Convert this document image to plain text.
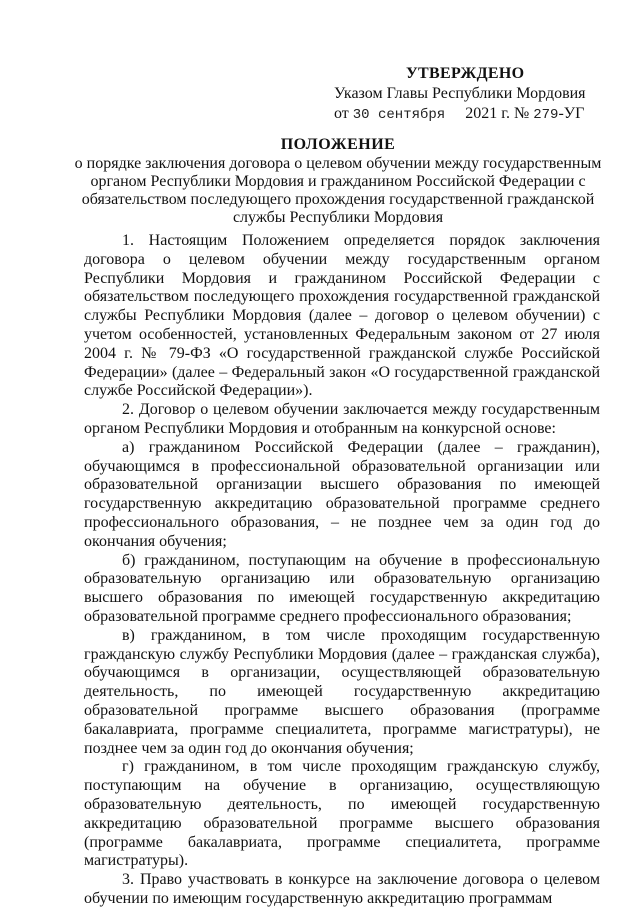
УТВЕРЖДЕНО
Указом Главы Республики Мордовия
от 30 сентября 2021 г. № 279-УГ
ПОЛОЖЕНИЕ
о порядке заключения договора о целевом обучении между государственным органом Республики Мордовия и гражданином Российской Федерации с обязательством последующего прохождения государственной гражданской службы Республики Мордовия

1. Настоящим Положением определяется порядок заключения договора о целевом обучении между государственным органом Республики Мордовия и гражданином Российской Федерации с обязательством последующего прохождения государственной гражданской службы Республики Мордовия (далее – договор о целевом обучении) с учетом особенностей, установленных Федеральным законом от 27 июля 2004 г. № 79-ФЗ «О государственной гражданской службе Российской Федерации» (далее – Федеральный закон «О государственной гражданской службе Российской Федерации»).

2. Договор о целевом обучении заключается между государственным органом Республики Мордовия и отобранным на конкурсной основе:

а) гражданином Российской Федерации (далее – гражданин), обучающимся в профессиональной образовательной организации или образовательной организации высшего образования по имеющей государственную аккредитацию образовательной программе среднего профессионального образования, – не позднее чем за один год до окончания обучения;

б) гражданином, поступающим на обучение в профессиональную образовательную организацию или образовательную организацию высшего образования по имеющей государственную аккредитацию образовательной программе среднего профессионального образования;

в) гражданином, в том числе проходящим государственную гражданскую службу Республики Мордовия (далее – гражданская служба), обучающимся в организации, осуществляющей образовательную деятельность, по имеющей государственную аккредитацию образовательной программе высшего образования (программе бакалавриата, программе специалитета, программе магистратуры), не позднее чем за один год до окончания обучения;

г) гражданином, в том числе проходящим гражданскую службу, поступающим на обучение в организацию, осуществляющую образовательную деятельность, по имеющей государственную аккредитацию образовательной программе высшего образования (программе бакалавриата, программе специалитета, программе магистратуры).

3. Право участвовать в конкурсе на заключение договора о целевом обучении по имеющим государственную аккредитацию программам
